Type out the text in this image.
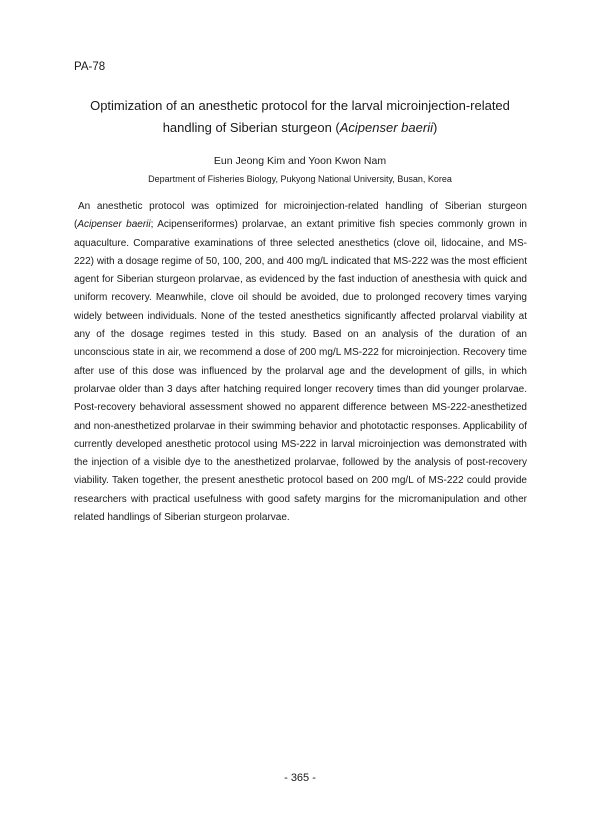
PA-78
Optimization of an anesthetic protocol for the larval microinjection-related
handling of Siberian sturgeon (Acipenser baerii)
Eun Jeong Kim and Yoon Kwon Nam
Department of Fisheries Biology, Pukyong National University, Busan, Korea

An anesthetic protocol was optimized for microinjection-related handling of Siberian sturgeon (Acipenser baerii; Acipenseriformes) prolarvae, an extant primitive fish species commonly grown in aquaculture. Comparative examinations of three selected anesthetics (clove oil, lidocaine, and MS-222) with a dosage regime of 50, 100, 200, and 400 mg/L indicated that MS-222 was the most efficient agent for Siberian sturgeon prolarvae, as evidenced by the fast induction of anesthesia with quick and uniform recovery. Meanwhile, clove oil should be avoided, due to prolonged recovery times varying widely between individuals. None of the tested anesthetics significantly affected prolarval viability at any of the dosage regimes tested in this study. Based on an analysis of the duration of an unconscious state in air, we recommend a dose of 200 mg/L MS-222 for microinjection. Recovery time after use of this dose was influenced by the prolarval age and the development of gills, in which prolarvae older than 3 days after hatching required longer recovery times than did younger prolarvae. Post-recovery behavioral assessment showed no apparent difference between MS-222-anesthetized and non-anesthetized prolarvae in their swimming behavior and phototactic responses. Applicability of currently developed anesthetic protocol using MS-222 in larval microinjection was demonstrated with the injection of a visible dye to the anesthetized prolarvae, followed by the analysis of post-recovery viability. Taken together, the present anesthetic protocol based on 200 mg/L of MS-222 could provide researchers with practical usefulness with good safety margins for the micromanipulation and other related handlings of Siberian sturgeon prolarvae.

- 365 -
